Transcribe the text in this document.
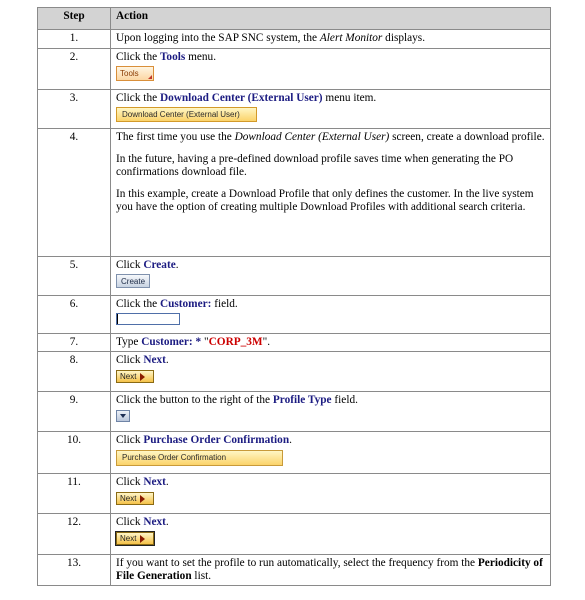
Step	Action
1.	Upon logging into the SAP SNC system, the Alert Monitor displays.
2.	Click the Tools menu.
Tools

3.	Click the Download Center (External User) menu item.
Download Center (External User)

4.	The first time you use the Download Center (External User) screen, create a download profile.

In the future, having a pre-defined download profile saves time when generating the PO confirmations download file.

In this example, create a Download Profile that only defines the customer. In the live system you have the option of creating multiple Download Profiles with additional search criteria.

5.	Click Create.
Create

6.	Click the Customer: field.

7.	Type Customer: * "CORP_3M".
8.	Click Next.
Next

9.	Click the button to the right of the Profile Type field.

10.	Click Purchase Order Confirmation.
Purchase Order Confirmation

11.	Click Next.
Next

12.	Click Next.
Next

13.	If you want to set the profile to run automatically, select the frequency from the Periodicity of File Generation list.
